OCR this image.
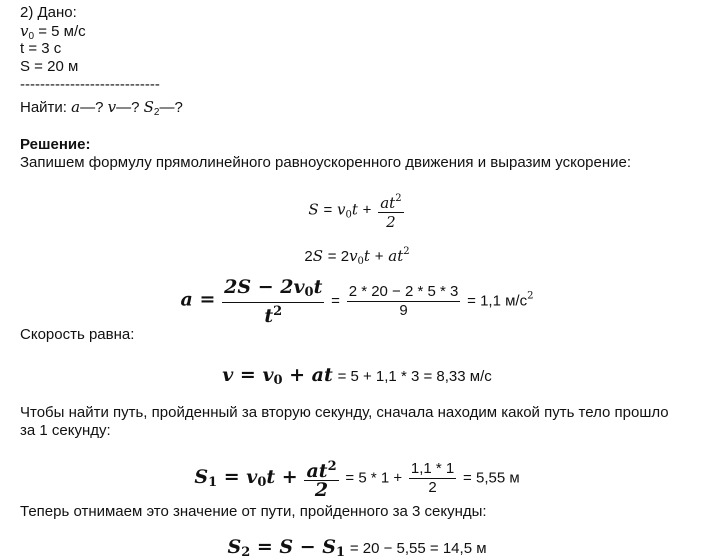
2) Дано:
$v_0 = 5$ м/с
t = 3 с
S = 20 м
----------------------------
Найти: a—? v—? $S_2—$?
Решение:
Запишем формулу прямолинейного равноускоренного движения и выразим ускорение:
$S = v_0t + \frac{at^2}{2}$
$2S = 2v_0t + at^2$
$a = \frac{2S - 2v_0t}{t^2} = \frac{2 * 20 - 2 * 5 * 3}{9} = 1,1$ $м/с^2$
Скорость равна:
$v = v_0$ + at = 5 + 1,1 * 3 = 8,33 м/с
Чтобы найти путь, пройденный за вторую секунду, сначала находим какой путь тело прошло
за 1 секунду:
$S_1 = v_0t + \frac{at^2}{2} = 5 * 1 + \frac{1,1 * 1}{2} = 5,55$ м
Теперь отнимаем это значение от пути, пройденного за 3 секунды:
$S_2 = S - S_1 = 20 - 5,55 = 14,5$ м
